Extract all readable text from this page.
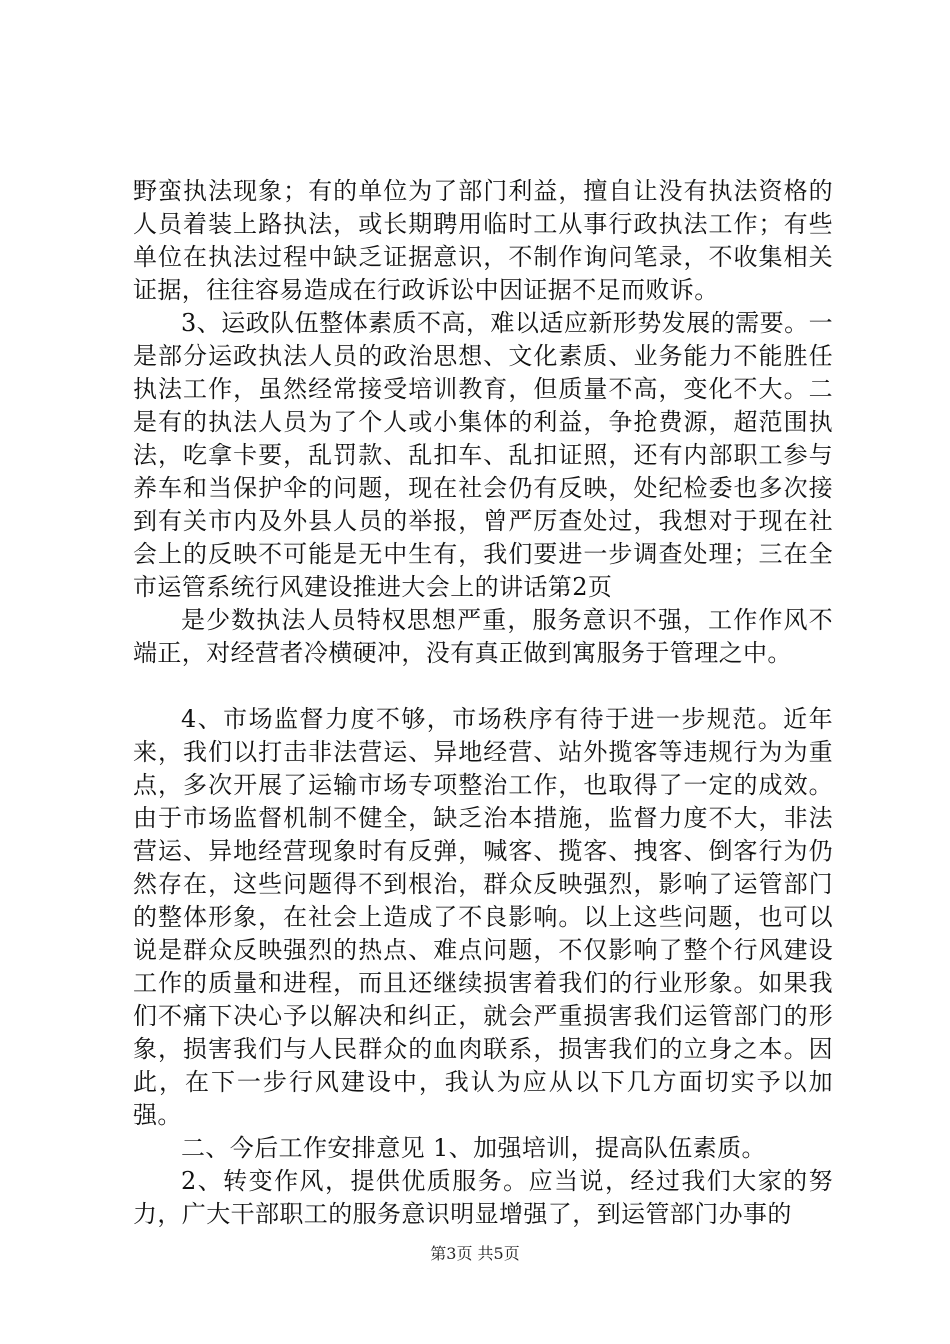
野蛮执法现象；有的单位为了部门利益，擅自让没有执法资格的人员着装上路执法，或长期聘用临时工从事行政执法工作；有些单位在执法过程中缺乏证据意识，不制作询问笔录，不收集相关证据，往往容易造成在行政诉讼中因证据不足而败诉。

3、运政队伍整体素质不高，难以适应新形势发展的需要。一是部分运政执法人员的政治思想、文化素质、业务能力不能胜任执法工作，虽然经常接受培训教育，但质量不高，变化不大。二是有的执法人员为了个人或小集体的利益，争抢费源，超范围执法，吃拿卡要，乱罚款、乱扣车、乱扣证照，还有内部职工参与养车和当保护伞的问题，现在社会仍有反映，处纪检委也多次接到有关市内及外县人员的举报，曾严厉查处过，我想对于现在社会上的反映不可能是无中生有，我们要进一步调查处理；三在全市运管系统行风建设推进大会上的讲话第2页

是少数执法人员特权思想严重，服务意识不强，工作作风不端正，对经营者冷横硬冲，没有真正做到寓服务于管理之中。

4、市场监督力度不够，市场秩序有待于进一步规范。近年来，我们以打击非法营运、异地经营、站外揽客等违规行为为重点，多次开展了运输市场专项整治工作，也取得了一定的成效。由于市场监督机制不健全，缺乏治本措施，监督力度不大，非法营运、异地经营现象时有反弹，喊客、揽客、拽客、倒客行为仍然存在，这些问题得不到根治，群众反映强烈，影响了运管部门的整体形象，在社会上造成了不良影响。以上这些问题，也可以说是群众反映强烈的热点、难点问题，不仅影响了整个行风建设工作的质量和进程，而且还继续损害着我们的行业形象。如果我们不痛下决心予以解决和纠正，就会严重损害我们运管部门的形象，损害我们与人民群众的血肉联系，损害我们的立身之本。因此，在下一步行风建设中，我认为应从以下几方面切实予以加强。

二、今后工作安排意见 1、加强培训，提高队伍素质。

2、转变作风，提供优质服务。应当说，经过我们大家的努力，广大干部职工的服务意识明显增强了，到运管部门办事的

第3页 共5页
